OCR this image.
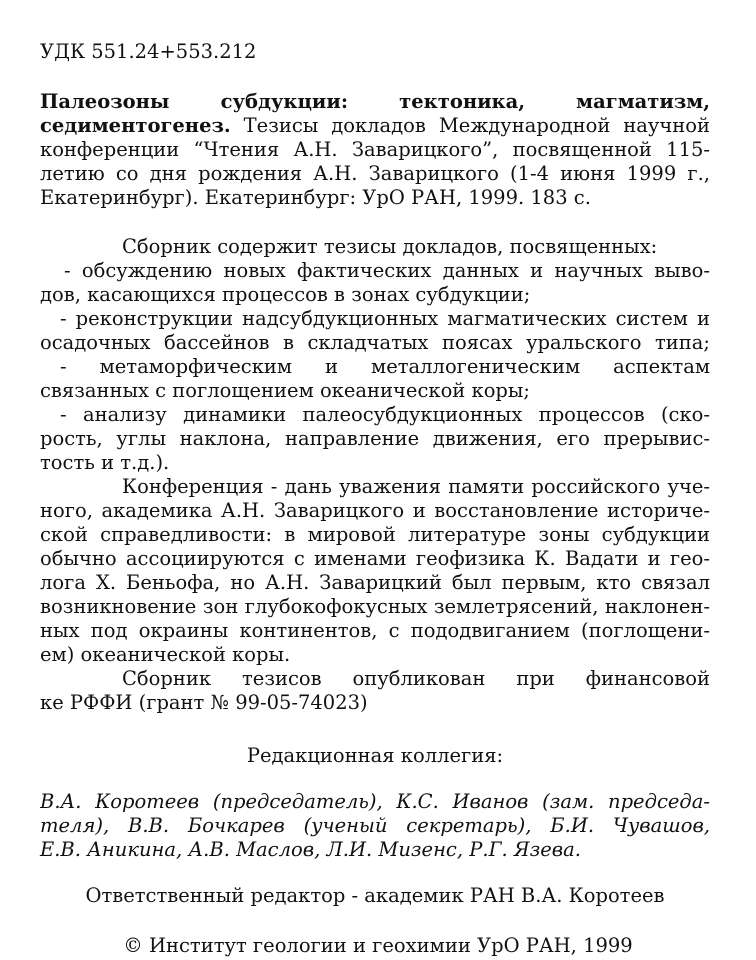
УДК 551.24+553.212
Палеозоны субдукции: тектоника, магматизм,
седиментогенез. Тезисы докладов Международной научной
конференции “Чтения А.Н. Заварицкого”, посвященной 115-
летию со дня рождения А.Н. Заварицкого (1-4 июня 1999 г.,
Екатеринбург). Екатеринбург: УрО РАН, 1999. 183 с.
Сборник содержит тезисы докладов, посвященных:
- обсуждению новых фактических данных и научных выво-
дов, касающихся процессов в зонах субдукции;
- реконструкции надсубдукционных магматических систем и
осадочных бассейнов в складчатых поясах уральского типа;
- метаморфическим и металлогеническим аспектам
связанных с поглощением океанической коры;
- анализу динамики палеосубдукционных процессов (ско-
рость, углы наклона, направление движения, его прерывис-
тость и т.д.).
Конференция - дань уважения памяти российского уче-
ного, академика А.Н. Заварицкого и восстановление историче-
ской справедливости: в мировой литературе зоны субдукции
обычно ассоциируются с именами геофизика К. Вадати и гео-
лога Х. Беньофа, но А.Н. Заварицкий был первым, кто связал
возникновение зон глубокофокусных землетрясений, наклонен-
ных под окраины континентов, с пододвиганием (поглощени-
ем) океанической коры.
Сборник тезисов опубликован при финансовой
ке РФФИ (грант № 99-05-74023)
Редакционная коллегия:
В.А. Коротеев (председатель), К.С. Иванов (зам. председа-
теля), В.В. Бочкарев (ученый секретарь), Б.И. Чувашов,
Е.В. Аникина, А.В. Маслов, Л.И. Мизенс, Р.Г. Язева.
Ответственный редактор - академик РАН В.А. Коротеев
© Институт геологии и геохимии УрО РАН, 1999
